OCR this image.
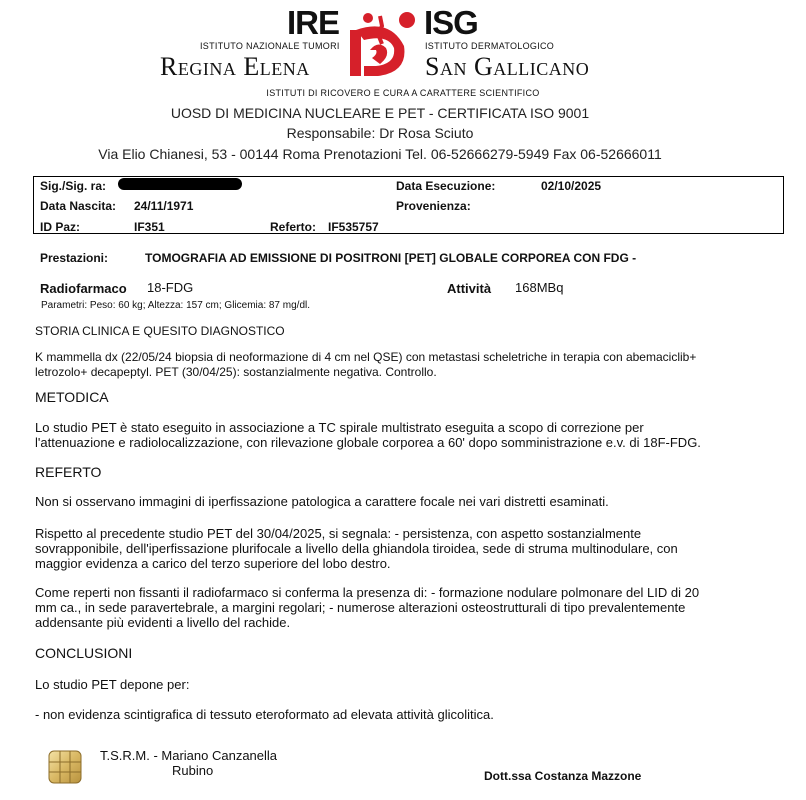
IRE	ISG
ISTITUTO NAZIONALE TUMORI	ISTITUTO DERMATOLOGICO
Regina Elena	San Gallicano
ISTITUTI DI RICOVERO E CURA A CARATTERE SCIENTIFICO
UOSD DI MEDICINA NUCLEARE E PET - CERTIFICATA ISO 9001
Responsabile: Dr Rosa Sciuto
Via Elio Chianesi, 53 - 00144 Roma Prenotazioni Tel. 06-52666279-5949 Fax 06-52666011
Sig./Sig. ra:	Data Esecuzione:	02/10/2025
Data Nascita: 24/11/1971	Provenienza:
ID Paz:	IF351	Referto: IF535757
Prestazioni:	TOMOGRAFIA AD EMISSIONE DI POSITRONI [PET] GLOBALE CORPOREA CON FDG -
Radiofarmaco 18-FDG	Attività 168MBq
Parametri: Peso: 60 kg; Altezza: 157 cm; Glicemia: 87 mg/dl.
STORIA CLINICA E QUESITO DIAGNOSTICO
K mammella dx (22/05/24 biopsia di neoformazione di 4 cm nel QSE) con metastasi scheletriche in terapia con abemaciclib+
letrozolo+ decapeptyl. PET (30/04/25): sostanzialmente negativa. Controllo.
METODICA
Lo studio PET è stato eseguito in associazione a TC spirale multistrato eseguita a scopo di correzione per
l'attenuazione e radiolocalizzazione, con rilevazione globale corporea a 60' dopo somministrazione e.v. di 18F-FDG.
REFERTO
Non si osservano immagini di iperfissazione patologica a carattere focale nei vari distretti esaminati.
Rispetto al precedente studio PET del 30/04/2025, si segnala: - persistenza, con aspetto sostanzialmente
sovrapponibile, dell'iperfissazione plurifocale a livello della ghiandola tiroidea, sede di struma multinodulare, con
maggior evidenza a carico del terzo superiore del lobo destro.
Come reperti non fissanti il radiofarmaco si conferma la presenza di: - formazione nodulare polmonare del LID di 20
mm ca., in sede paravertebrale, a margini regolari; - numerose alterazioni osteostrutturali di tipo prevalentemente
addensante più evidenti a livello del rachide.
CONCLUSIONI
Lo studio PET depone per:
- non evidenza scintigrafica di tessuto eteroformato ad elevata attività glicolitica.
T.S.R.M. - Mariano Canzanella
Rubino	Dott.ssa Costanza Mazzone
